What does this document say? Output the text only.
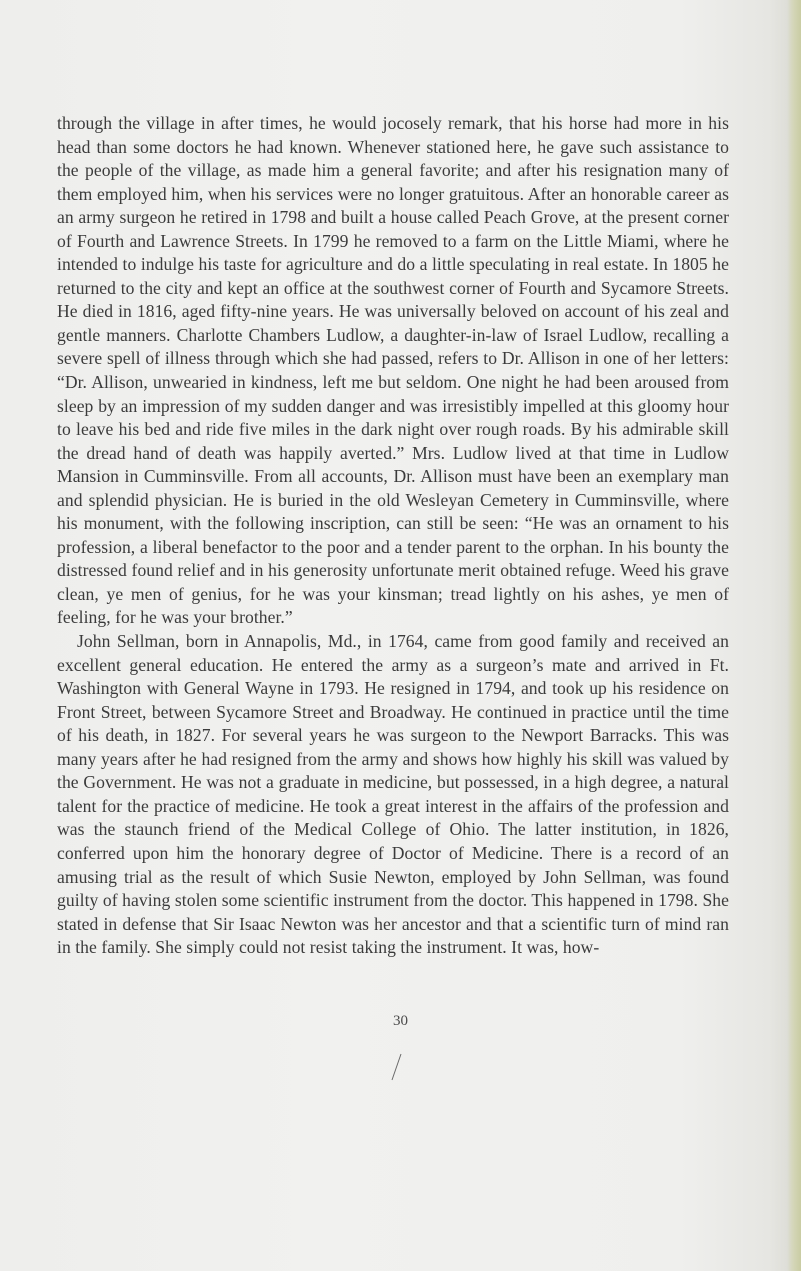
through the village in after times, he would jocosely remark, that his horse had more in his head than some doctors he had known. Whenever stationed here, he gave such assistance to the people of the village, as made him a general favorite; and after his resignation many of them employed him, when his services were no longer gratuitous. After an honorable career as an army surgeon he retired in 1798 and built a house called Peach Grove, at the present corner of Fourth and Lawrence Streets. In 1799 he removed to a farm on the Little Miami, where he intended to indulge his taste for agriculture and do a little speculating in real estate. In 1805 he returned to the city and kept an office at the southwest corner of Fourth and Sycamore Streets. He died in 1816, aged fifty-nine years. He was universally beloved on account of his zeal and gentle manners. Charlotte Chambers Ludlow, a daughter-in-law of Israel Ludlow, recalling a severe spell of illness through which she had passed, refers to Dr. Allison in one of her letters: “Dr. Allison, unwearied in kindness, left me but seldom. One night he had been aroused from sleep by an impression of my sudden danger and was irresistibly impelled at this gloomy hour to leave his bed and ride five miles in the dark night over rough roads. By his admirable skill the dread hand of death was happily averted.” Mrs. Ludlow lived at that time in Ludlow Mansion in Cumminsville. From all accounts, Dr. Allison must have been an exemplary man and splendid physician. He is buried in the old Wesleyan Cemetery in Cumminsville, where his monument, with the following inscription, can still be seen: “He was an ornament to his profession, a liberal benefactor to the poor and a tender parent to the orphan. In his bounty the distressed found relief and in his generosity unfortunate merit obtained refuge. Weed his grave clean, ye men of genius, for he was your kinsman; tread lightly on his ashes, ye men of feeling, for he was your brother.”

John Sellman, born in Annapolis, Md., in 1764, came from good family and received an excellent general education. He entered the army as a surgeon’s mate and arrived in Ft. Washington with General Wayne in 1793. He resigned in 1794, and took up his residence on Front Street, between Sycamore Street and Broadway. He continued in practice until the time of his death, in 1827. For several years he was surgeon to the Newport Barracks. This was many years after he had resigned from the army and shows how highly his skill was valued by the Government. He was not a graduate in medicine, but possessed, in a high degree, a natural talent for the practice of medicine. He took a great interest in the affairs of the profession and was the staunch friend of the Medical College of Ohio. The latter institution, in 1826, conferred upon him the honorary degree of Doctor of Medicine. There is a record of an amusing trial as the result of which Susie Newton, employed by John Sellman, was found guilty of having stolen some scientific instrument from the doctor. This happened in 1798. She stated in defense that Sir Isaac Newton was her ancestor and that a scientific turn of mind ran in the family. She simply could not resist taking the instrument. It was, how-

30
